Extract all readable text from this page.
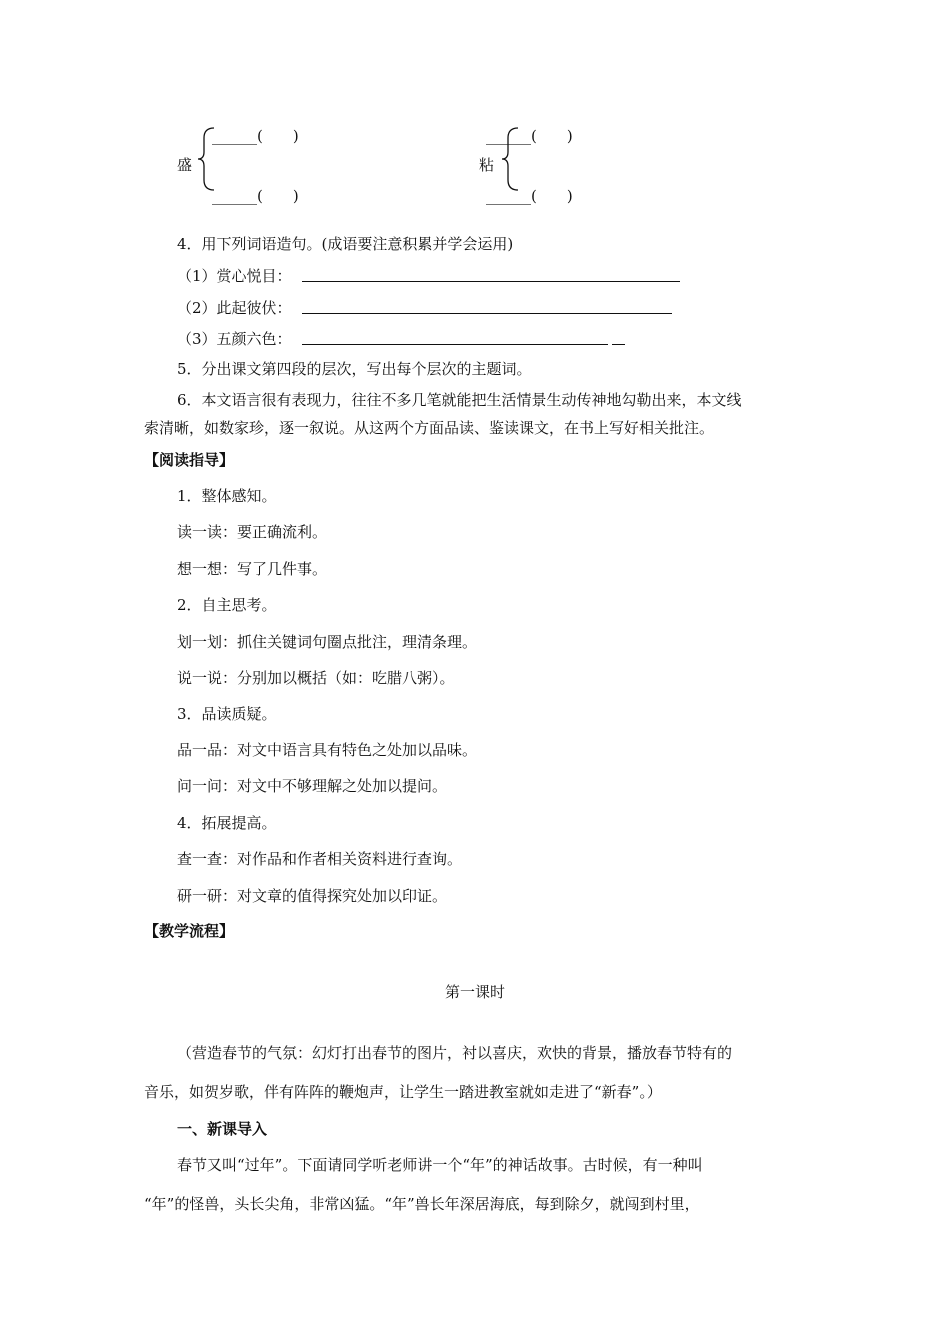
盛
______(　　)
______(　　)
粘
______(　　)
______(　　)
4．用下列词语造句。(成语要注意积累并学会运用)
（1）赏心悦目：
（2）此起彼伏：
（3）五颜六色：
5．分出课文第四段的层次，写出每个层次的主题词。
6．本文语言很有表现力，往往不多几笔就能把生活情景生动传神地勾勒出来，本文线
索清晰，如数家珍，逐一叙说。从这两个方面品读、鉴读课文，在书上写好相关批注。
【阅读指导】
1．整体感知。
读一读：要正确流利。
想一想：写了几件事。
2．自主思考。
划一划：抓住关键词句圈点批注，理清条理。
说一说：分别加以概括（如：吃腊八粥）。
3．品读质疑。
品一品：对文中语言具有特色之处加以品味。
问一问：对文中不够理解之处加以提问。
4．拓展提高。
查一查：对作品和作者相关资料进行查询。
研一研：对文章的值得探究处加以印证。
【教学流程】
第一课时
（营造春节的气氛：幻灯打出春节的图片，衬以喜庆，欢快的背景，播放春节特有的
音乐，如贺岁歌，伴有阵阵的鞭炮声，让学生一踏进教室就如走进了“新春”。）
一、新课导入
春节又叫“过年”。下面请同学听老师讲一个“年”的神话故事。古时候，有一种叫
“年”的怪兽，头长尖角，非常凶猛。“年”兽长年深居海底，每到除夕，就闯到村里，
